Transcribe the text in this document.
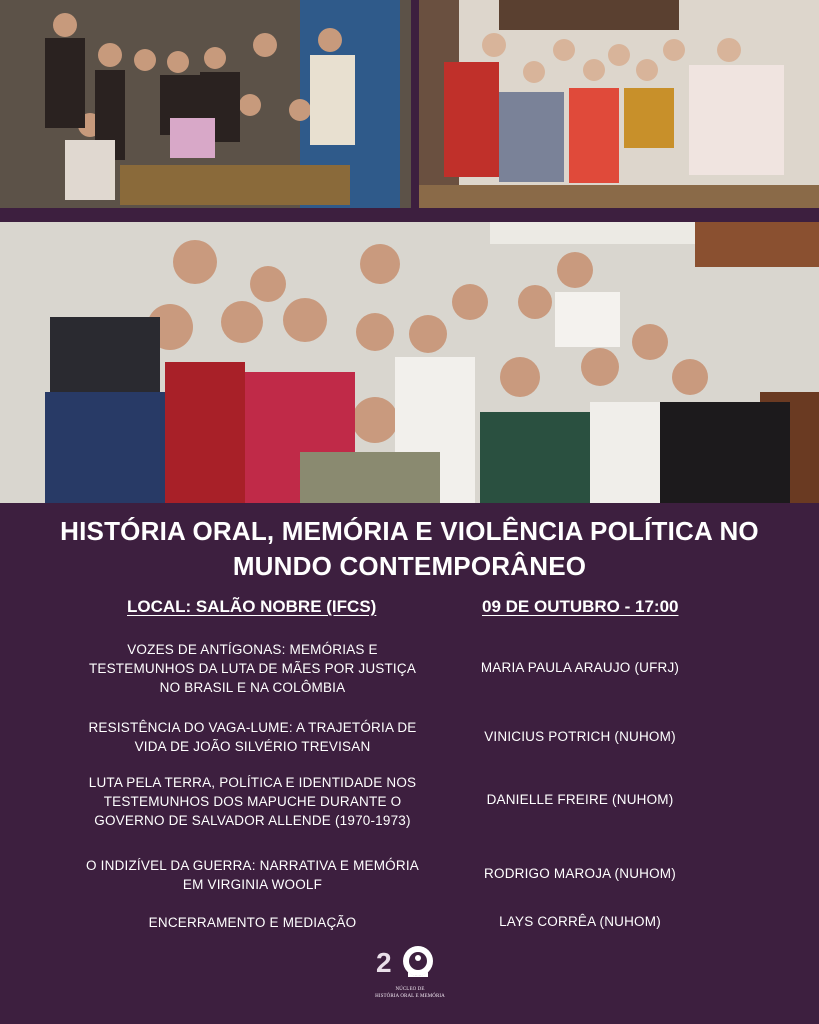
HISTÓRIA ORAL, MEMÓRIA E VIOLÊNCIA POLÍTICA NO
MUNDO CONTEMPORÂNEO
LOCAL: SALÃO NOBRE (IFCS)	09 DE OUTUBRO - 17:00
VOZES DE ANTÍGONAS: MEMÓRIAS E
TESTEMUNHOS DA LUTA DE MÃES POR JUSTIÇA
NO BRASIL E NA COLÔMBIA
MARIA PAULA ARAUJO (UFRJ)
RESISTÊNCIA DO VAGA-LUME: A TRAJETÓRIA DE
VIDA DE JOÃO SILVÉRIO TREVISAN
VINICIUS POTRICH (NUHOM)
LUTA PELA TERRA, POLÍTICA E IDENTIDADE NOS
TESTEMUNHOS DOS MAPUCHE DURANTE O
GOVERNO DE SALVADOR ALLENDE (1970-1973)
DANIELLE FREIRE (NUHOM)
O INDIZÍVEL DA GUERRA: NARRATIVA E MEMÓRIA
EM VIRGINIA WOOLF
RODRIGO MAROJA (NUHOM)
ENCERRAMENTO E MEDIAÇÃO	LAYS CORRÊA (NUHOM)
2
NÚCLEO DE
HISTÓRIA ORAL E MEMÓRIA
